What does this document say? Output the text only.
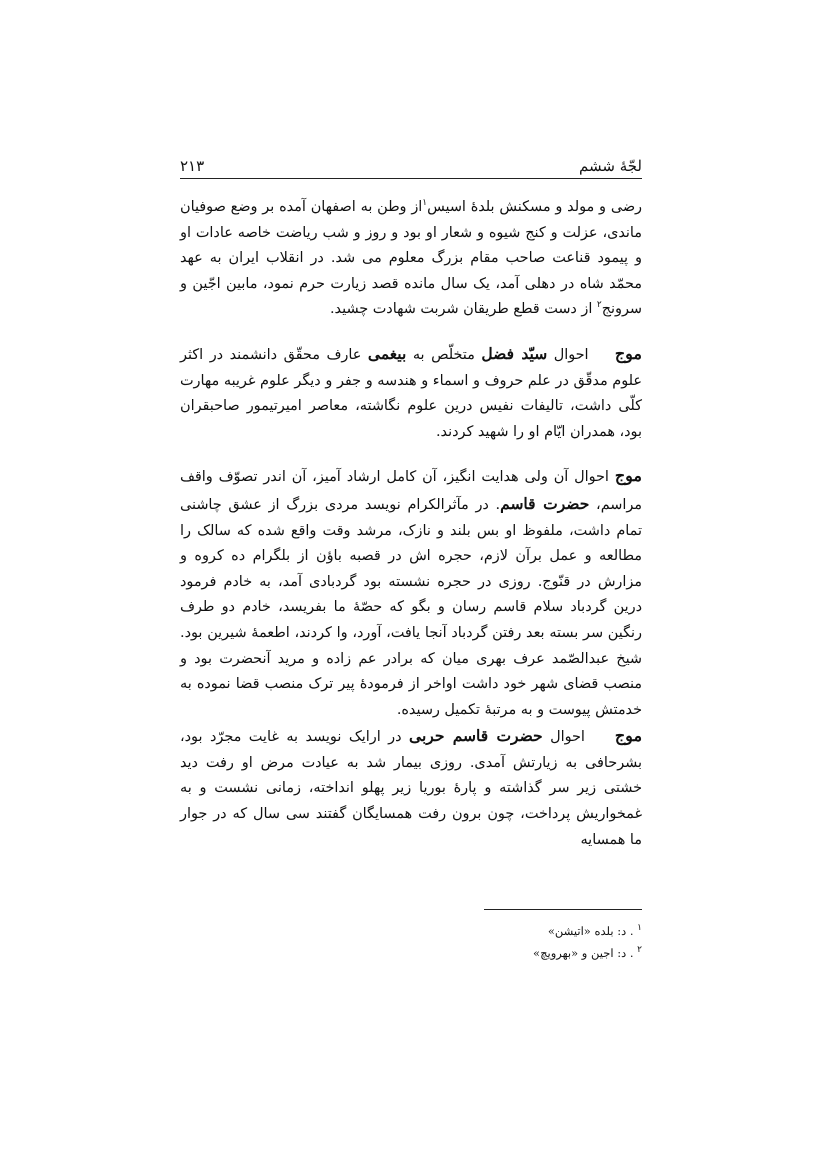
لجّهٔ ششم
۲۱۳

رضی و مولد و مسکنش بلدهٔ اسیس$^۱$از وطن به اصفهان آمده بر وضع صوفیان ماندی، عزلت و کنج شیوه و شعار او بود و روز و شب ریاضت خاصه عادات او و پیمود قناعت صاحب مقام بزرگ معلوم می شد. در انقلاب ایران به عهد محمّد شاه در دهلی آمد، یک سال مانده قصد زیارت حرم نمود، مابین اجّین و سرونج$^۲$ از دست قطع طریقان شربت شهادت چشید.

موج    احوال سیّد فضل متخلّص به بیغمی عارف محقّق دانشمند در اکثر علوم مدقّق در علم حروف و اسماء و هندسه و جفر و دیگر علوم غریبه مهارت کلّی داشت، تالیفات نفیس درین علوم نگاشته، معاصر امیرتیمور صاحبقران بود، همدران ایّام او را شهید کردند.

موج احوال آن ولی هدایت انگیز، آن کامل ارشاد آمیز، آن اندر تصوّف واقف مراسم، حضرت قاسم. در مآثرالکرام نویسد مردی بزرگ از عشق چاشنی تمام داشت، ملفوظ او بس بلند و نازک، مرشد وقت واقع شده که سالک را مطالعه و عمل برآن لازم، حجره اش در قصبه باؤن از بلگرام ده کروه و مزارش در قنّوج. روزی در حجره نشسته بود گردبادی آمد، به خادم فرمود درین گردباد سلام قاسم رسان و بگو که حصّهٔ ما بفریسد، خادم دو طرف رنگین سر بسته بعد رفتن گردباد آنجا یافت، آورد، وا کردند، اطعمهٔ شیرین بود. شیخ عبدالصّمد عرف بهری میان که برادر عم زاده و مرید آنحضرت بود و منصب قضای شهر خود داشت اواخر از فرمودهٔ پیر ترک منصب قضا نموده به خدمتش پیوست و به مرتبهٔ تکمیل رسیده.

موج    احوال حضرت قاسم حربی در ارایک نویسد به غایت مجرّد بود، بشرحافی به زیارتش آمدی. روزی بیمار شد به عیادت مرض او رفت دید خشتی زیر سر گذاشته و پارهٔ بوریا زیر پهلو انداخته، زمانی نشست و به غمخواریش پرداخت، چون برون رفت همسایگان گفتند سی سال که در جوار ما همسایه

$^۱$ . د: بلده «اتیشن»

$^۲$ . د: اجین و «بهرویچ»
